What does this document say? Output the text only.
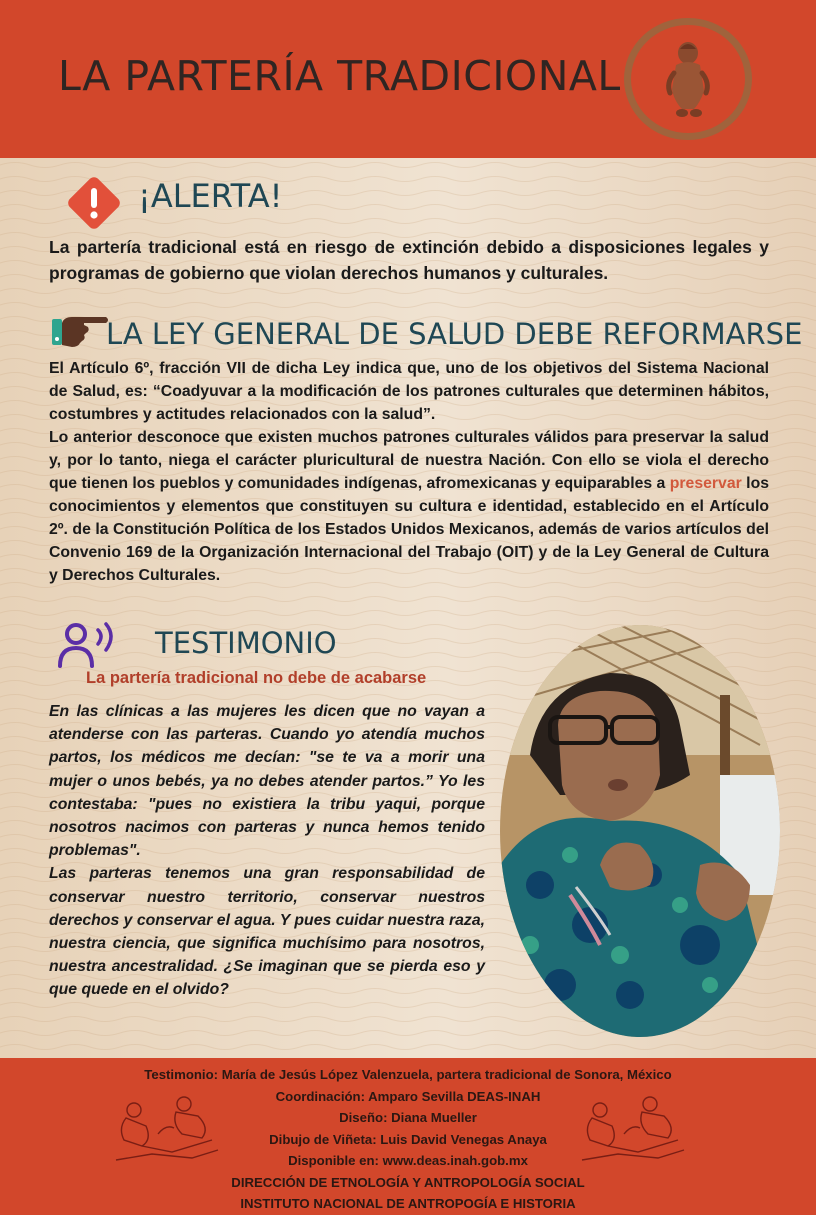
LA PARTERÍA TRADICIONAL
¡ALERTA!

La partería tradicional está en riesgo de extinción debido a disposiciones legales y programas de gobierno que violan derechos humanos y culturales.

LA LEY GENERAL DE SALUD DEBE REFORMARSE

El Artículo 6º, fracción VII de dicha Ley indica que, uno de los objetivos del Sistema Nacional de Salud, es: “Coadyuvar a la modificación de los patrones culturales que determinen hábitos, costumbres y actitudes relacionados con la salud”.

Lo anterior desconoce que existen muchos patrones culturales válidos para preservar la salud y, por lo tanto, niega el carácter pluricultural de nuestra Nación. Con ello se viola el derecho que tienen los pueblos y comunidades indígenas, afromexicanas y equiparables a preservar los conocimientos y elementos que constituyen su cultura e identidad, establecido en el Artículo 2º. de la Constitución Política de los Estados Unidos Mexicanos, además de varios artículos del Convenio 169 de la Organización Internacional del Trabajo (OIT) y de la Ley General de Cultura y Derechos Culturales.

TESTIMONIO
La partería tradicional no debe de acabarse

En las clínicas a las mujeres les dicen que no vayan a atenderse con las parteras. Cuando yo atendía muchos partos, los médicos me decían: "se te va a morir una mujer o unos bebés, ya no debes atender partos.” Yo les contestaba: "pues no existiera la tribu yaqui, porque nosotros nacimos con parteras y nunca hemos tenido problemas".

Las parteras tenemos una gran responsabilidad de conservar nuestro territorio, conservar nuestros derechos y conservar el agua. Y pues cuidar nuestra raza, nuestra ciencia, que significa muchísimo para nosotros, nuestra ancestralidad. ¿Se imaginan que se pierda eso y que quede en el olvido?

Testimonio: María de Jesús López Valenzuela, partera tradicional de Sonora, México
Coordinación: Amparo Sevilla DEAS-INAH
Diseño: Diana Mueller
Dibujo de Viñeta: Luis David Venegas Anaya
Disponible en: www.deas.inah.gob.mx
DIRECCIÓN DE ETNOLOGÍA Y ANTROPOLOGÍA SOCIAL
INSTITUTO NACIONAL DE ANTROPOGÍA E HISTORIA
